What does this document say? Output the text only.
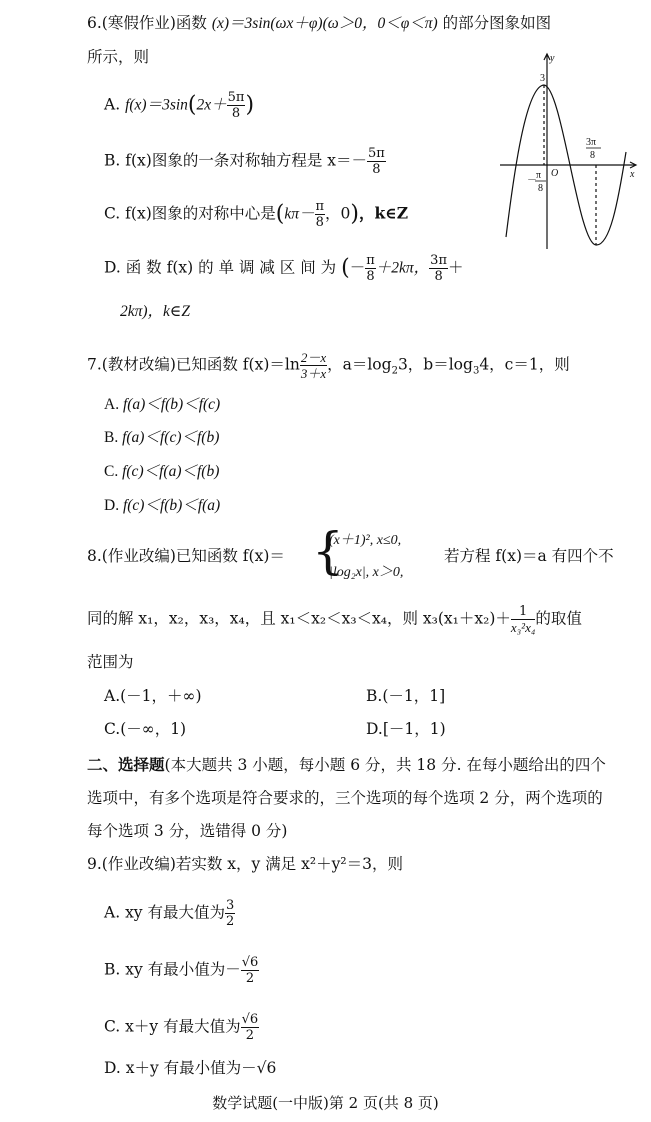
6.(寒假作业)函数 (x)＝3sin(ωx＋φ)(ω＞0，0＜φ＜π) 的部分图象如图
所示，则
A. $f(x)=3\sin(2x+ \frac{5\pi}{8}$ )
B. f(x)图象的一条对称轴方程是 $x=- \frac{5\pi}{8}$
C. f(x)图象的对称中心是($k\pi- \frac{\pi}{8}$ ，0)，k∈Z
D. 函 数 f(x) 的 单 调 减 区 间 为 (－ $\frac{\pi}{8} +2k\pi$， $\frac{3\pi}{8}$ ＋
2kπ)，k∈Z
y
x
O
3
－ π
8
3π
8
7.(教材改编)已知函数 $f(x)=\ln \frac{2-x}{3+x}$ ，$a=\log_23$，$b=\log_34$，c＝1，则
A. f(a)＜f(b)＜f(c)
B. f(a)＜f(c)＜f(b)
C. f(c)＜f(a)＜f(b)
D. f(c)＜f(b)＜f(a)
8.(作业改编)已知函数 f(x)＝ {
(x＋1)², x≤0,
|log₂x|, x＞0,
若方程 f(x)＝a 有四个不
同的解 x₁，x₂，x₃，x₄，且 x₁＜x₂＜x₃＜x₄，则 $x_3(x_1+x_2)+ \frac{1}{\text{x₃²x₄}}$ 的取值
范围为
A.(－1，＋∞)	B.(－1，1]
C.(－∞，1)	D.[－1，1)
二、选择题(本大题共 3 小题，每小题 6 分，共 18 分. 在每小题给出的四个
选项中，有多个选项是符合要求的，三个选项的每个选项 2 分，两个选项的
每个选项 3 分，选错得 0 分)
9.(作业改编)若实数 x，y 满足 x²＋y²＝3，则
A. xy 有最大值为 $\frac{3}{2}$
B. xy 有最小值为－ $\frac{√6}{2}$
C. x＋y 有最大值为 $\frac{√6}{2}$
D. x＋y 有最小值为－√6
数学试题(一中版)第 2 页(共 8 页)
